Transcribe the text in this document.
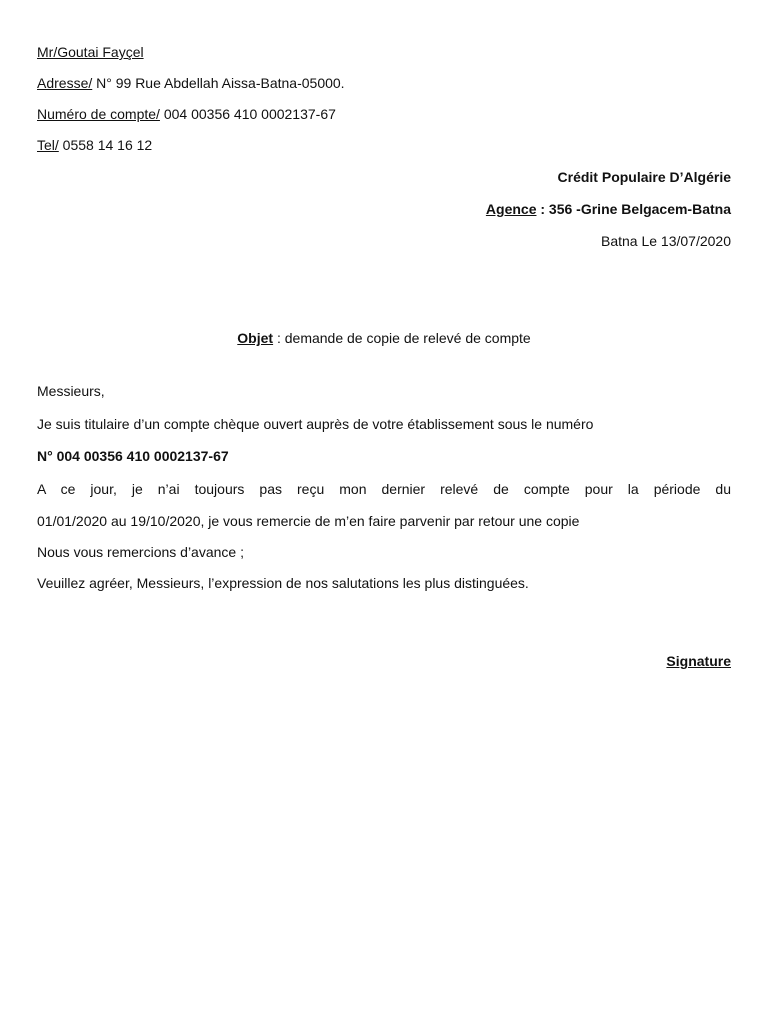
Mr/Goutai Fayçel
Adresse/ N° 99 Rue Abdellah Aissa-Batna-05000.
Numéro de compte/ 004 00356 410 0002137-67
Tel/ 0558 14 16 12
Crédit Populaire D’Algérie
Agence : 356 -Grine Belgacem-Batna
Batna Le 13/07/2020
Objet : demande de copie de relevé de compte
Messieurs,
Je suis titulaire d’un compte chèque ouvert auprès de votre établissement sous le numéro
N° 004 00356 410 0002137-67
A ce jour, je n’ai toujours pas reçu mon dernier relevé de compte pour la période du
01/01/2020 au 19/10/2020, je vous remercie de m’en faire parvenir par retour une copie
Nous vous remercions d’avance ;
Veuillez agréer, Messieurs, l’expression de nos salutations les plus distinguées.
Signature
